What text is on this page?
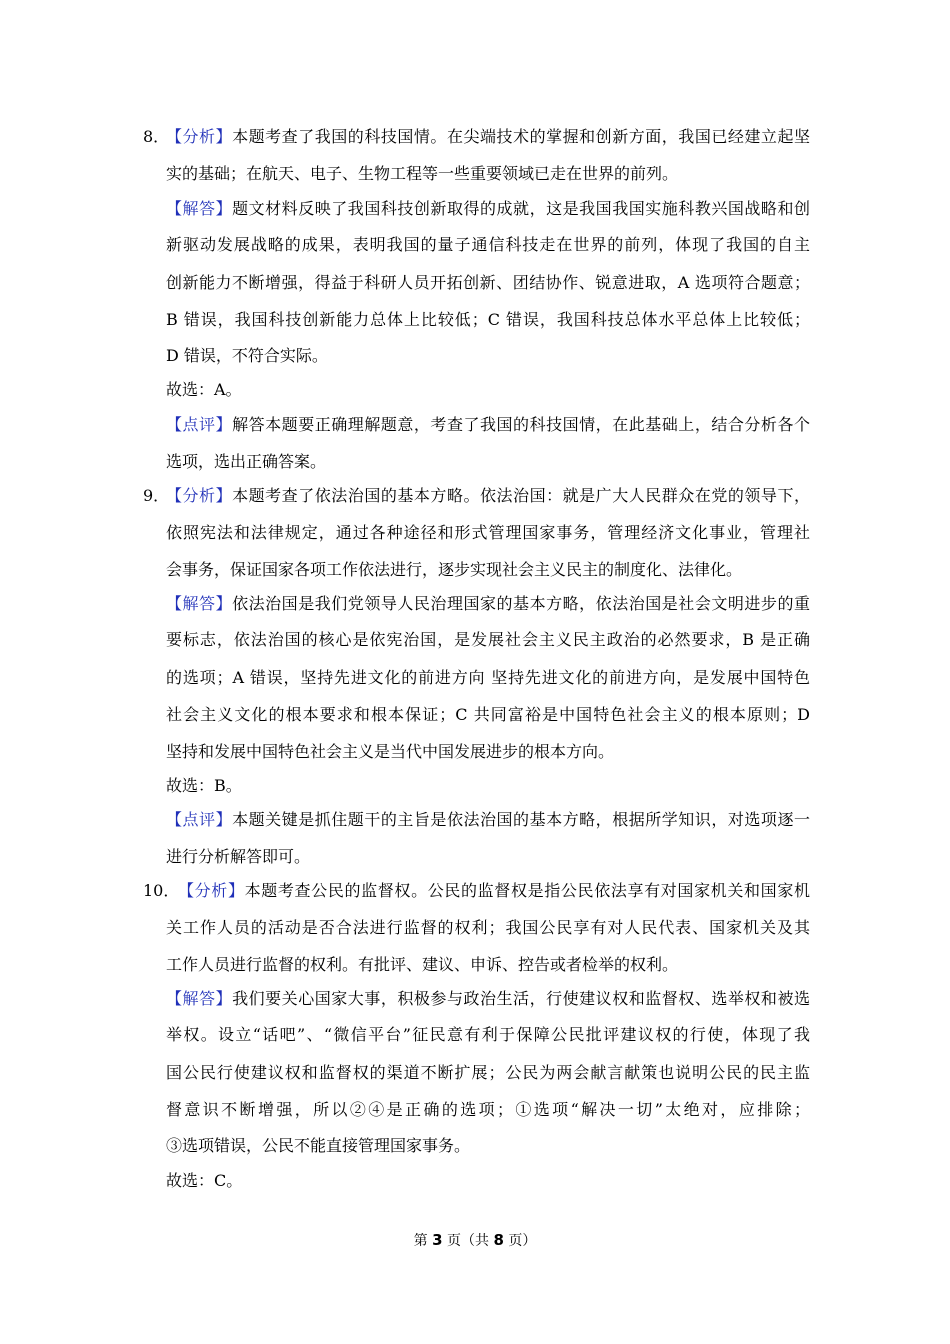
8．
【分析】本题考查了我国的科技国情。在尖端技术的掌握和创新方面，我国已经建立起坚
实的基础；在航天、电子、生物工程等一些重要领域已走在世界的前列。
【解答】题文材料反映了我国科技创新取得的成就，这是我国我国实施科教兴国战略和创
新驱动发展战略的成果，表明我国的量子通信科技走在世界的前列，体现了我国的自主
创新能力不断增强，得益于科研人员开拓创新、团结协作、锐意进取，A 选项符合题意；
B 错误，我国科技创新能力总体上比较低；C 错误，我国科技总体水平总体上比较低；
D 错误，不符合实际。
故选：A。
【点评】解答本题要正确理解题意，考查了我国的科技国情，在此基础上，结合分析各个
选项，选出正确答案。
9．
【分析】本题考查了依法治国的基本方略。依法治国：就是广大人民群众在党的领导下，
依照宪法和法律规定，通过各种途径和形式管理国家事务，管理经济文化事业，管理社
会事务，保证国家各项工作依法进行，逐步实现社会主义民主的制度化、法律化。
【解答】依法治国是我们党领导人民治理国家的基本方略，依法治国是社会文明进步的重
要标志，依法治国的核心是依宪治国，是发展社会主义民主政治的必然要求，B 是正确
的选项；A 错误，坚持先进文化的前进方向 坚持先进文化的前进方向，是发展中国特色
社会主义文化的根本要求和根本保证；C 共同富裕是中国特色社会主义的根本原则；D
坚持和发展中国特色社会主义是当代中国发展进步的根本方向。
故选：B。
【点评】本题关键是抓住题干的主旨是依法治国的基本方略，根据所学知识，对选项逐一
进行分析解答即可。
10．
【分析】本题考查公民的监督权。公民的监督权是指公民依法享有对国家机关和国家机
关工作人员的活动是否合法进行监督的权利；我国公民享有对人民代表、国家机关及其
工作人员进行监督的权利。有批评、建议、申诉、控告或者检举的权利。
【解答】我们要关心国家大事，积极参与政治生活，行使建议权和监督权、选举权和被选
举权。设立“话吧”、“微信平台”征民意有利于保障公民批评建议权的行使，体现了我
国公民行使建议权和监督权的渠道不断扩展；公民为两会献言献策也说明公民的民主监
督意识不断增强，所以②④是正确的选项；①选项“解决一切”太绝对，应排除；
③选项错误，公民不能直接管理国家事务。
故选：C。
第 3 页（共 8 页）
